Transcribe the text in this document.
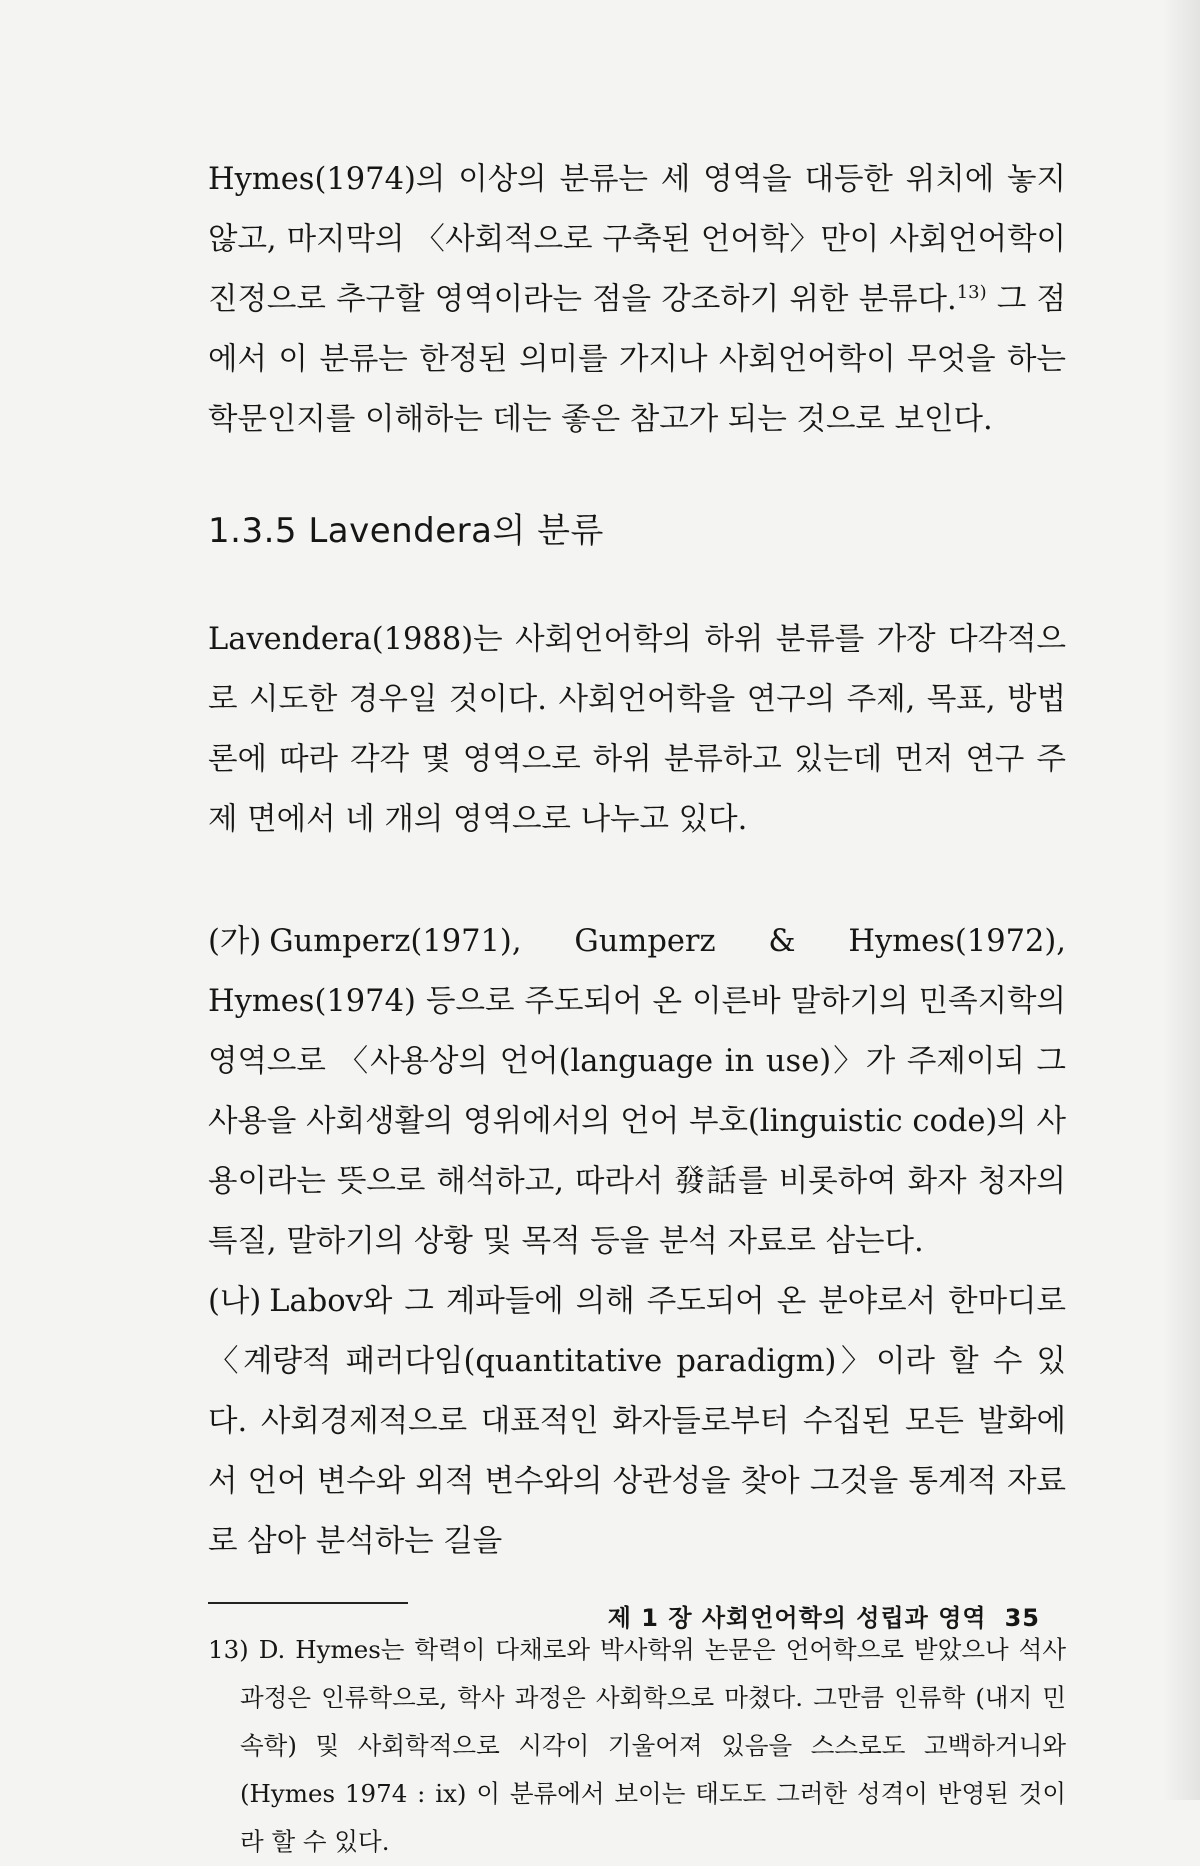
Hymes(1974)의 이상의 분류는 세 영역을 대등한 위치에 놓지 않고, 마지막의 〈사회적으로 구축된 언어학〉만이 사회언어학이 진정으로 추구할 영역이라는 점을 강조하기 위한 분류다.$^{13)}$ 그 점에서 이 분류는 한정된 의미를 가지나 사회언어학이 무엇을 하는 학문인지를 이해하는 데는 좋은 참고가 되는 것으로 보인다.

1.3.5 Lavendera의 분류

Lavendera(1988)는 사회언어학의 하위 분류를 가장 다각적으로 시도한 경우일 것이다. 사회언어학을 연구의 주제, 목표, 방법론에 따라 각각 몇 영역으로 하위 분류하고 있는데 먼저 연구 주제 면에서 네 개의 영역으로 나누고 있다.

(가) Gumperz(1971), Gumperz & Hymes(1972), Hymes(1974) 등으로 주도되어 온 이른바 말하기의 민족지학의 영역으로 〈사용상의 언어(language in use)〉가 주제이되 그 사용을 사회생활의 영위에서의 언어 부호(linguistic code)의 사용이라는 뜻으로 해석하고, 따라서 發話를 비롯하여 화자 청자의 특질, 말하기의 상황 및 목적 등을 분석 자료로 삼는다.

(나) Labov와 그 계파들에 의해 주도되어 온 분야로서 한마디로 〈계량적 패러다임(quantitative paradigm)〉이라 할 수 있다. 사회경제적으로 대표적인 화자들로부터 수집된 모든 발화에서 언어 변수와 외적 변수와의 상관성을 찾아 그것을 통계적 자료로 삼아 분석하는 길을

13) D. Hymes는 학력이 다채로와 박사학위 논문은 언어학으로 받았으나 석사 과정은 인류학으로, 학사 과정은 사회학으로 마쳤다. 그만큼 인류학 (내지 민속학) 및 사회학적으로 시각이 기울어져 있음을 스스로도 고백하거니와 (Hymes 1974 : ix) 이 분류에서 보이는 태도도 그러한 성격이 반영된 것이라 할 수 있다.

제 1 장 사회언어학의 성립과 영역 35
